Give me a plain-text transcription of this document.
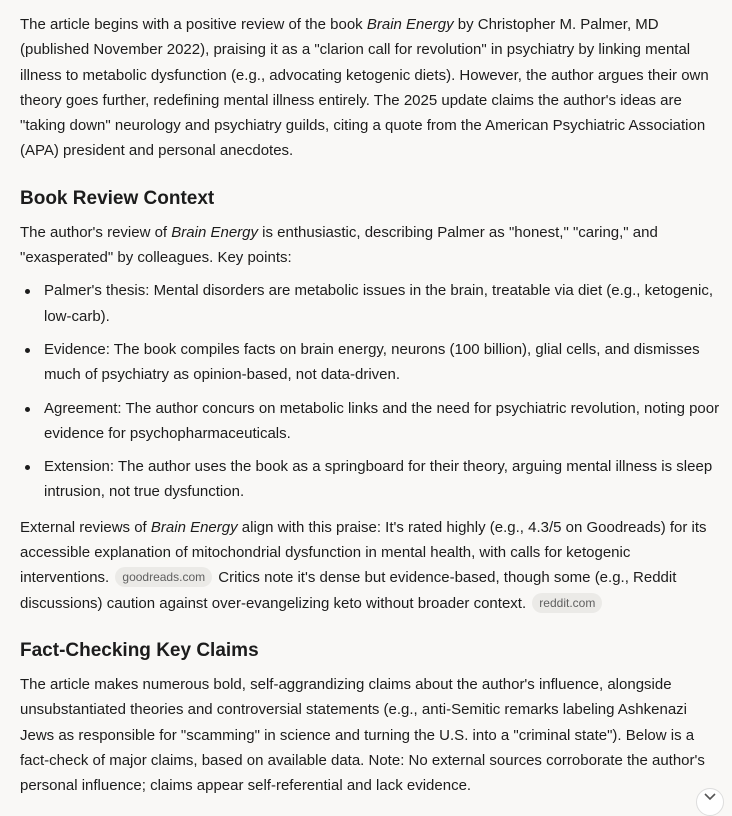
The article begins with a positive review of the book Brain Energy by Christopher M. Palmer, MD (published November 2022), praising it as a "clarion call for revolution" in psychiatry by linking mental illness to metabolic dysfunction (e.g., advocating ketogenic diets). However, the author argues their own theory goes further, redefining mental illness entirely. The 2025 update claims the author's ideas are "taking down" neurology and psychiatry guilds, citing a quote from the American Psychiatric Association (APA) president and personal anecdotes.

Book Review Context

The author's review of Brain Energy is enthusiastic, describing Palmer as "honest," "caring," and "exasperated" by colleagues. Key points:

Palmer's thesis: Mental disorders are metabolic issues in the brain, treatable via diet (e.g., ketogenic, low-carb).
Evidence: The book compiles facts on brain energy, neurons (100 billion), glial cells, and dismisses much of psychiatry as opinion-based, not data-driven.
Agreement: The author concurs on metabolic links and the need for psychiatric revolution, noting poor evidence for psychopharmaceuticals.
Extension: The author uses the book as a springboard for their theory, arguing mental illness is sleep intrusion, not true dysfunction.

External reviews of Brain Energy align with this praise: It's rated highly (e.g., 4.3/5 on Goodreads) for its accessible explanation of mitochondrial dysfunction in mental health, with calls for ketogenic interventions. goodreads.com Critics note it's dense but evidence-based, though some (e.g., Reddit discussions) caution against over-evangelizing keto without broader context. reddit.com

Fact-Checking Key Claims

The article makes numerous bold, self-aggrandizing claims about the author's influence, alongside unsubstantiated theories and controversial statements (e.g., anti-Semitic remarks labeling Ashkenazi Jews as responsible for "scamming" in science and turning the U.S. into a "criminal state"). Below is a fact-check of major claims, based on available data. Note: No external sources corroborate the author's personal influence; claims appear self-referential and lack evidence.
